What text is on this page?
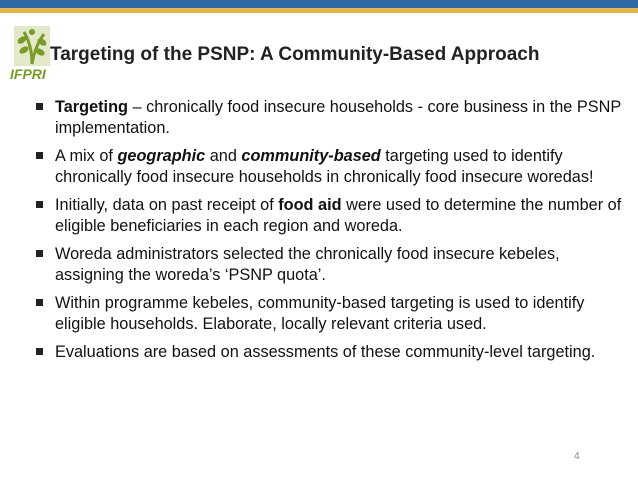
IFPRI
Targeting of the PSNP: A Community-Based Approach
Targeting – chronically food insecure households - core business in the PSNP implementation.
A mix of geographic and community-based targeting used to identify chronically food insecure households in chronically food insecure woredas!
Initially, data on past receipt of food aid were used to determine the number of eligible beneficiaries in each region and woreda.
Woreda administrators selected the chronically food insecure kebeles, assigning the woreda’s ‘PSNP quota’.
Within programme kebeles, community-based targeting is used to identify eligible households. Elaborate, locally relevant criteria used.
Evaluations are based on assessments of these community-level targeting.
4
